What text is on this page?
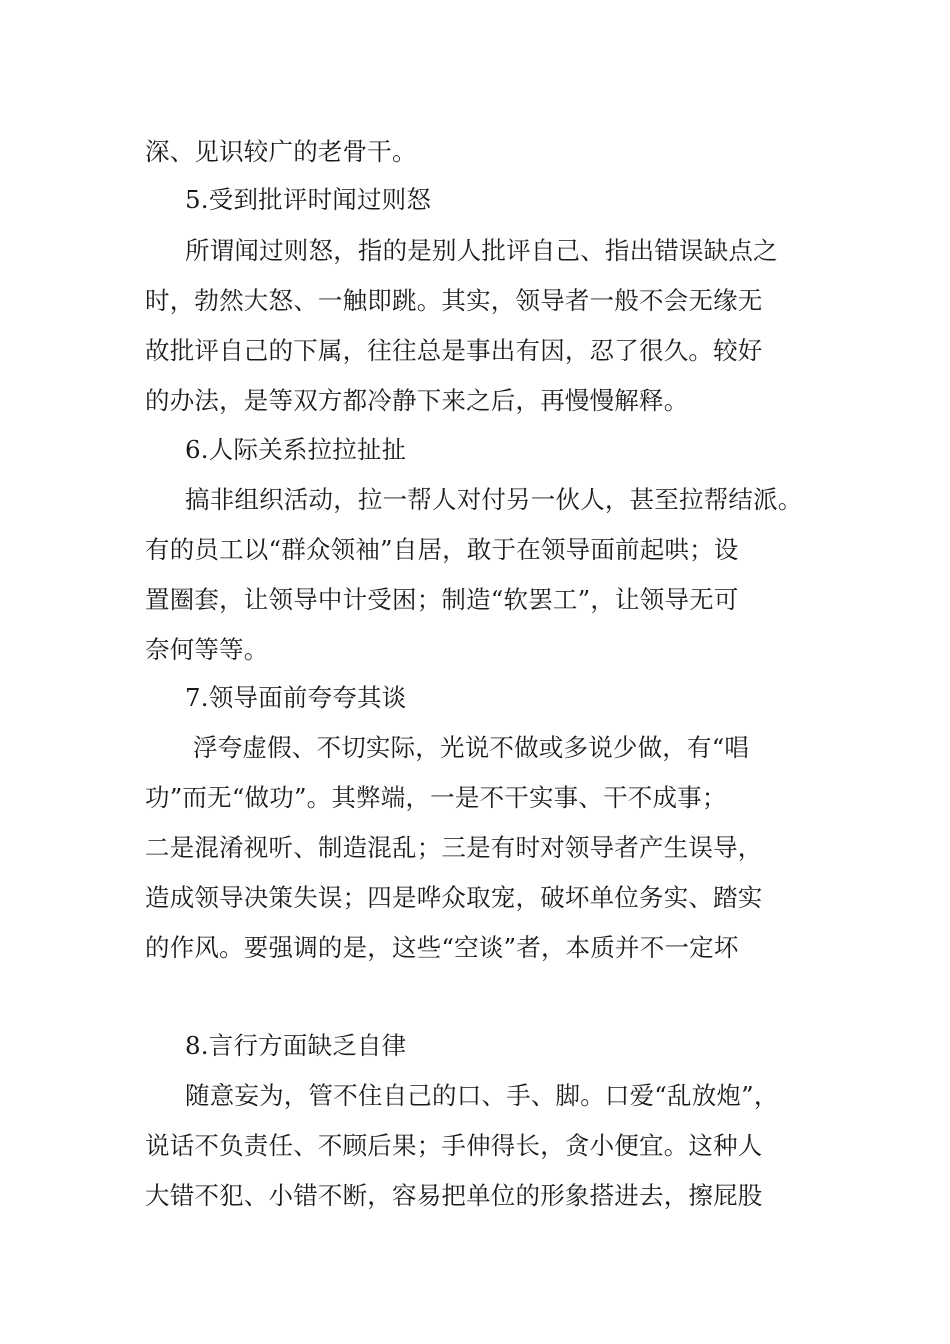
深、见识较广的老骨干。
5.受到批评时闻过则怒
所谓闻过则怒，指的是别人批评自己、指出错误缺点之
时，勃然大怒、一触即跳。其实，领导者一般不会无缘无
故批评自己的下属，往往总是事出有因，忍了很久。较好
的办法，是等双方都冷静下来之后，再慢慢解释。
6.人际关系拉拉扯扯
搞非组织活动，拉一帮人对付另一伙人，甚至拉帮结派。
有的员工以“群众领袖”自居，敢于在领导面前起哄；设
置圈套，让领导中计受困；制造“软罢工”，让领导无可
奈何等等。
7.领导面前夸夸其谈
浮夸虚假、不切实际，光说不做或多说少做，有“唱
功”而无“做功”。其弊端，一是不干实事、干不成事；
二是混淆视听、制造混乱；三是有时对领导者产生误导，
造成领导决策失误；四是哗众取宠，破坏单位务实、踏实
的作风。要强调的是，这些“空谈”者，本质并不一定坏
8.言行方面缺乏自律
随意妄为，管不住自己的口、手、脚。口爱“乱放炮”，
说话不负责任、不顾后果；手伸得长，贪小便宜。这种人
大错不犯、小错不断，容易把单位的形象搭进去，擦屁股
